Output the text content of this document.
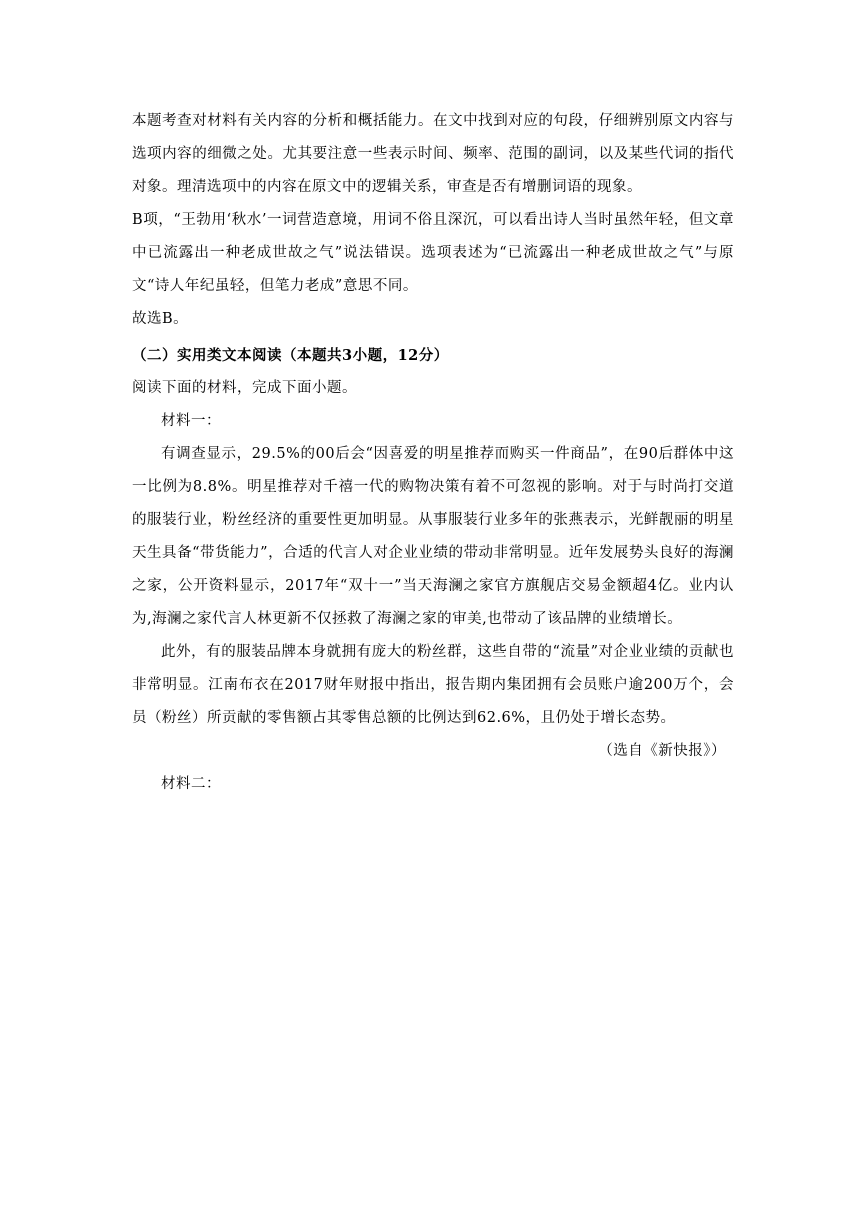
本题考查对材料有关内容的分析和概括能力。在文中找到对应的句段，仔细辨别原文内容与选项内容的细微之处。尤其要注意一些表示时间、频率、范围的副词，以及某些代词的指代对象。理清选项中的内容在原文中的逻辑关系，审查是否有增删词语的现象。

B项，“王勃用‘秋水’一词营造意境，用词不俗且深沉，可以看出诗人当时虽然年轻，但文章中已流露出一种老成世故之气”说法错误。选项表述为“已流露出一种老成世故之气”与原文“诗人年纪虽轻，但笔力老成”意思不同。

故选B。

（二）实用类文本阅读（本题共3小题，12分）

阅读下面的材料，完成下面小题。

材料一：

有调查显示，29.5%的00后会“因喜爱的明星推荐而购买一件商品”，在90后群体中这一比例为8.8%。明星推荐对千禧一代的购物决策有着不可忽视的影响。对于与时尚打交道的服装行业，粉丝经济的重要性更加明显。从事服装行业多年的张燕表示，光鲜靓丽的明星天生具备“带货能力”，合适的代言人对企业业绩的带动非常明显。近年发展势头良好的海澜之家，公开资料显示，2017年“双十一”当天海澜之家官方旗舰店交易金额超4亿。业内认为,海澜之家代言人林更新不仅拯救了海澜之家的审美,也带动了该品牌的业绩增长。

此外，有的服装品牌本身就拥有庞大的粉丝群，这些自带的“流量”对企业业绩的贡献也非常明显。江南布衣在2017财年财报中指出，报告期内集团拥有会员账户逾200万个，会员（粉丝）所贡献的零售额占其零售总额的比例达到62.6%，且仍处于增长态势。

（选自《新快报》）

材料二：
